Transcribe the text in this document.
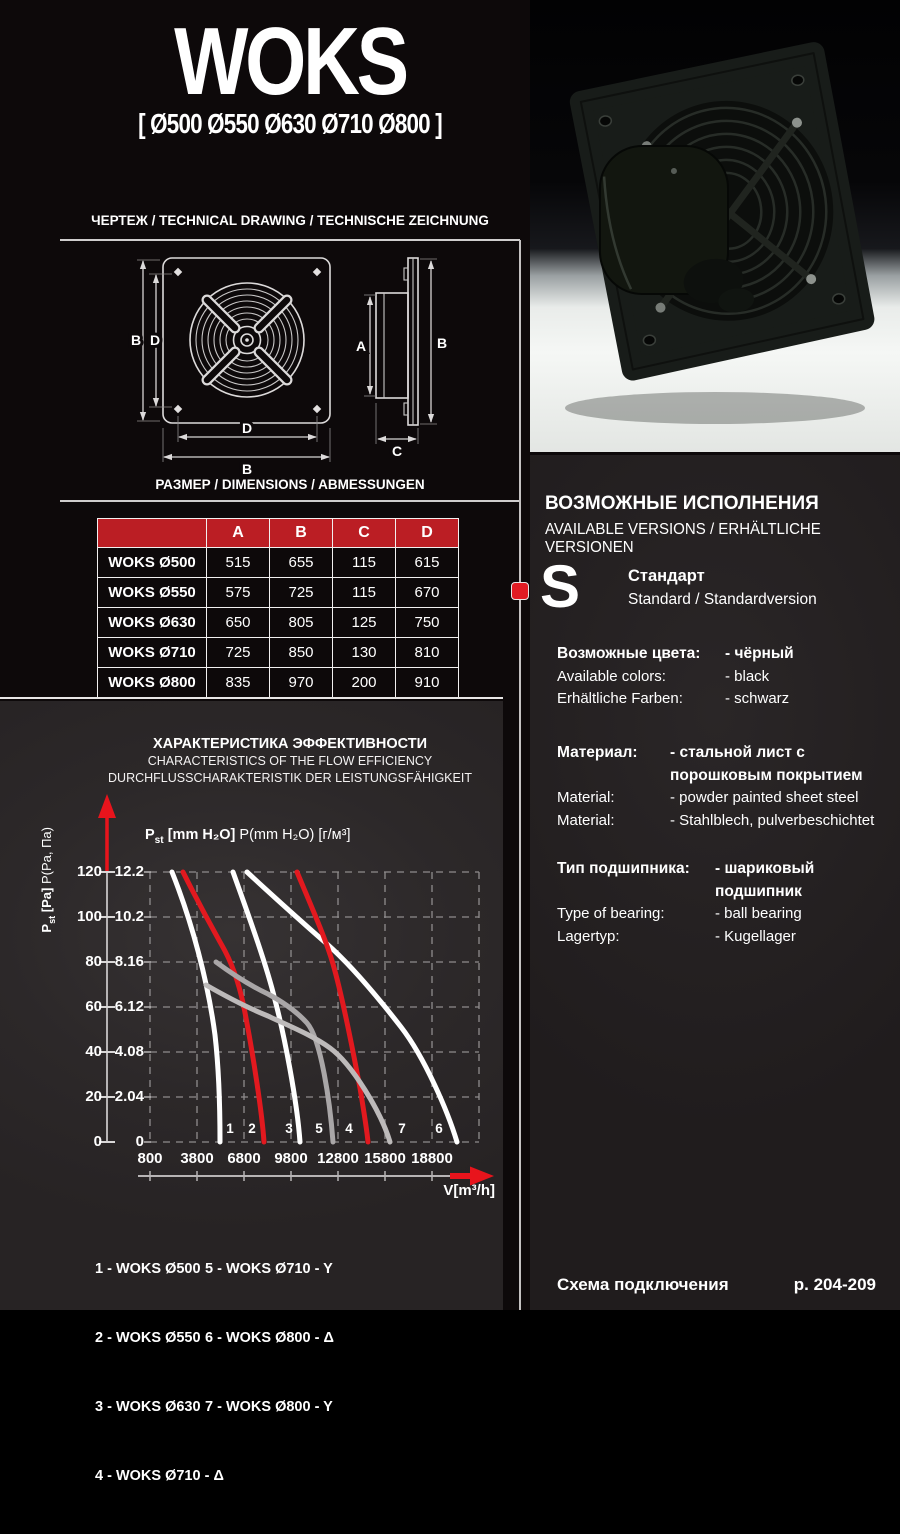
WOKS
[ Ø500 Ø550 Ø630 Ø710 Ø800 ]
ЧЕРТЕЖ / TECHNICAL DRAWING / TECHNISCHE ZEICHNUNG
B D
D
B
A	B
C
РАЗМЕР / DIMENSIONS / ABMESSUNGEN
	A	B	C	D
WOKS Ø500	515	655	115	615
WOKS Ø550	575	725	115	670
WOKS Ø630	650	805	125	750
WOKS Ø710	725	850	130	810
WOKS Ø800	835	970	200	910
ХАРАКТЕРИСТИКА ЭФФЕКТИВНОСТИ
CHARACTERISTICS OF THE FLOW EFFICIENCY
DURCHFLUSSCHARAKTERISTIK DER LEISTUNGSFÄHIGKEIT
$P_{st}$ [mm H₂O] P(mm H₂O) [г/м³]
$P_{st}$ [Pa] P(Pa, Па)	120
100
80
60
40
20
0
12.2
10.2
8.16
6.12
4.08
2.04
0
800	3800 6800 9800 12800 15800 18800
V[m³/h]
1	2	3	5	4	7	6

1 - WOKS Ø500

2 - WOKS Ø550

3 - WOKS Ø630

4 - WOKS Ø710 - Δ

5 - WOKS Ø710 - Y

6 - WOKS Ø800 - Δ

7 - WOKS Ø800 - Y

ВОЗМОЖНЫЕ ИСПОЛНЕНИЯ
AVAILABLE VERSIONS / ERHÄLTLICHE VERSIONEN
S	Стандарт
Standard / Standardversion
Возможные цвета:	- чёрный
Available colors:	- black
Erhältliche Farben:	- schwarz
Материал:	- стальной лист с порошковым покрытием
Material:	- powder painted sheet steel
Material:	- Stahlblech, pulverbeschichtet
Тип подшипника:	- шариковый подшипник
Type of bearing:	- ball bearing
Lagertyp:	- Kugellager
Схема подключения	p. 204-209
